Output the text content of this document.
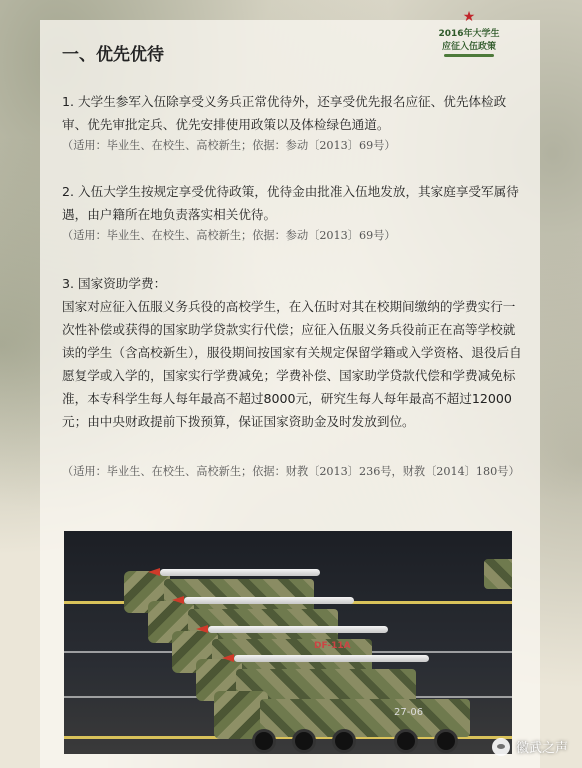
★
2016年大学生
应征入伍政策
一、优先优待
1. 大学生参军入伍除享受义务兵正常优待外，还享受优先报名应征、优先体检政审、优先审批定兵、优先安排使用政策以及体检绿色通道。
（适用：毕业生、在校生、高校新生；依据：参动〔2013〕69号）
2. 入伍大学生按规定享受优待政策，优待金由批准入伍地发放，其家庭享受军属待遇，由户籍所在地负责落实相关优待。
（适用：毕业生、在校生、高校新生；依据：参动〔2013〕69号）
3. 国家资助学费：
国家对应征入伍服义务兵役的高校学生，在入伍时对其在校期间缴纳的学费实行一次性补偿或获得的国家助学贷款实行代偿；应征入伍服义务兵役前正在高等学校就读的学生（含高校新生），服役期间按国家有关规定保留学籍或入学资格、退役后自愿复学或入学的，国家实行学费减免；学费补偿、国家助学贷款代偿和学费减免标准，本专科学生每人每年最高不超过8000元，研究生每人每年最高不超过12000元；由中央财政提前下拨预算，保证国家资助金及时发放到位。
（适用：毕业生、在校生、高校新生；依据：财教〔2013〕236号，财教〔2014〕180号）
DF-11A
27-06
徽武之声
